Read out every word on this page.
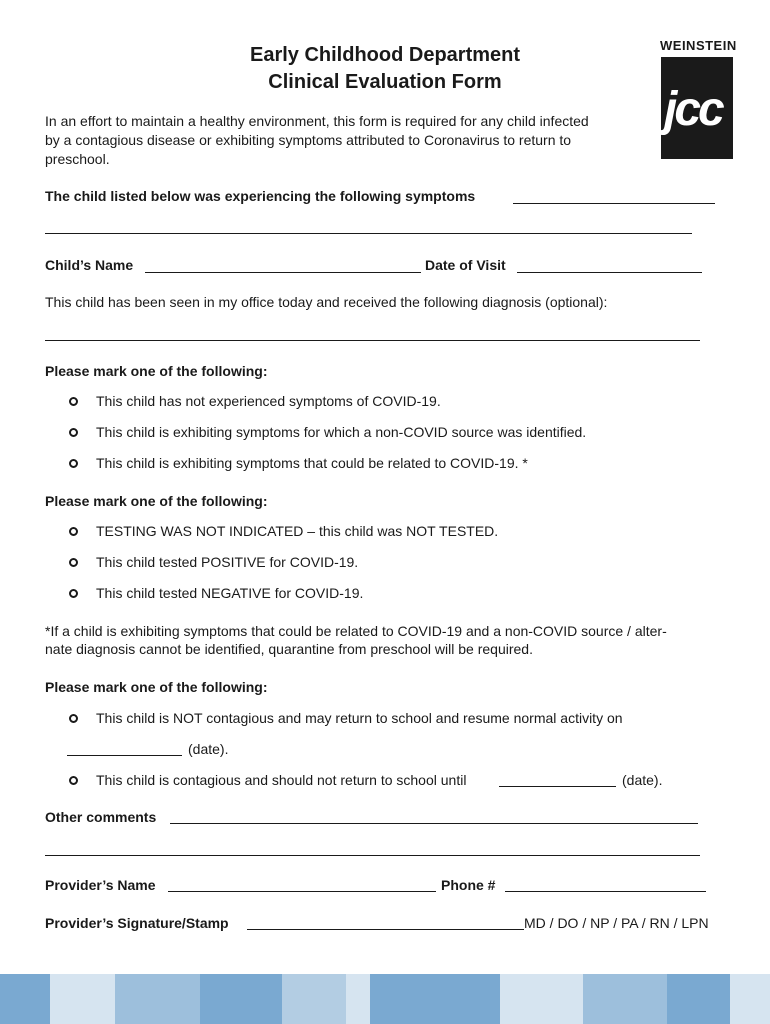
Early Childhood Department
Clinical Evaluation Form
WEINSTEIN
jcc
In an effort to maintain a healthy environment, this form is required for any child infected
by a contagious disease or exhibiting symptoms attributed to Coronavirus to return to
preschool.
The child listed below was experiencing the following symptoms
Child’s Name	Date of Visit
This child has been seen in my office today and received the following diagnosis (optional):
Please mark one of the following:
This child has not experienced symptoms of COVID-19.
This child is exhibiting symptoms for which a non-COVID source was identified.
This child is exhibiting symptoms that could be related to COVID-19. *
Please mark one of the following:
TESTING WAS NOT INDICATED – this child was NOT TESTED.
This child tested POSITIVE for COVID-19.
This child tested NEGATIVE for COVID-19.
*If a child is exhibiting symptoms that could be related to COVID-19 and a non-COVID source / alter-
nate diagnosis cannot be identified, quarantine from preschool will be required.
Please mark one of the following:
This child is NOT contagious and may return to school and resume normal activity on
(date).
This child is contagious and should not return to school until	(date).
Other comments
Provider’s Name	Phone #
Provider’s Signature/Stamp	MD / DO / NP / PA / RN / LPN
